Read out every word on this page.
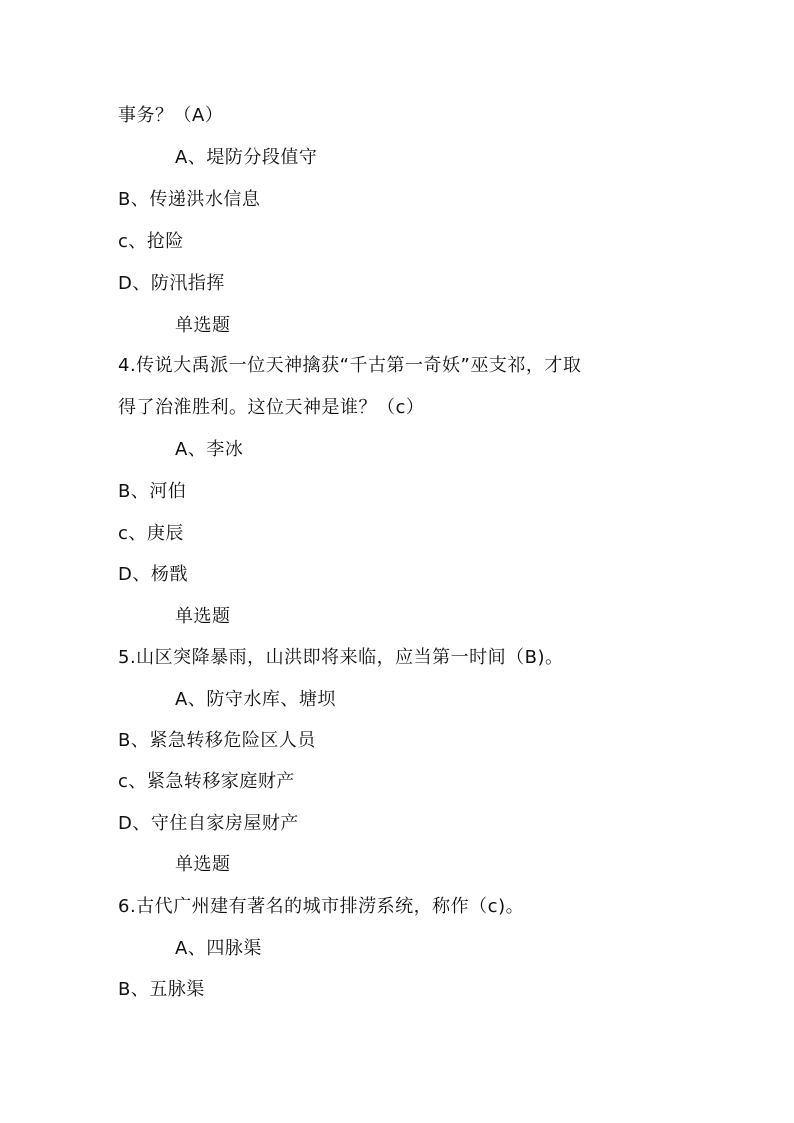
事务？（A）
A、堤防分段值守
B、传递洪水信息
c、抢险
D、防汛指挥
单选题
4.传说大禹派一位天神擒获“千古第一奇妖”巫支祁，才取
得了治淮胜利。这位天神是谁？（c）
A、李冰
B、河伯
c、庚辰
D、杨戬
单选题
5.山区突降暴雨，山洪即将来临，应当第一时间（B)。
A、防守水库、塘坝
B、紧急转移危险区人员
c、紧急转移家庭财产
D、守住自家房屋财产
单选题
6.古代广州建有著名的城市排涝系统，称作（c)。
A、四脉渠
B、五脉渠
